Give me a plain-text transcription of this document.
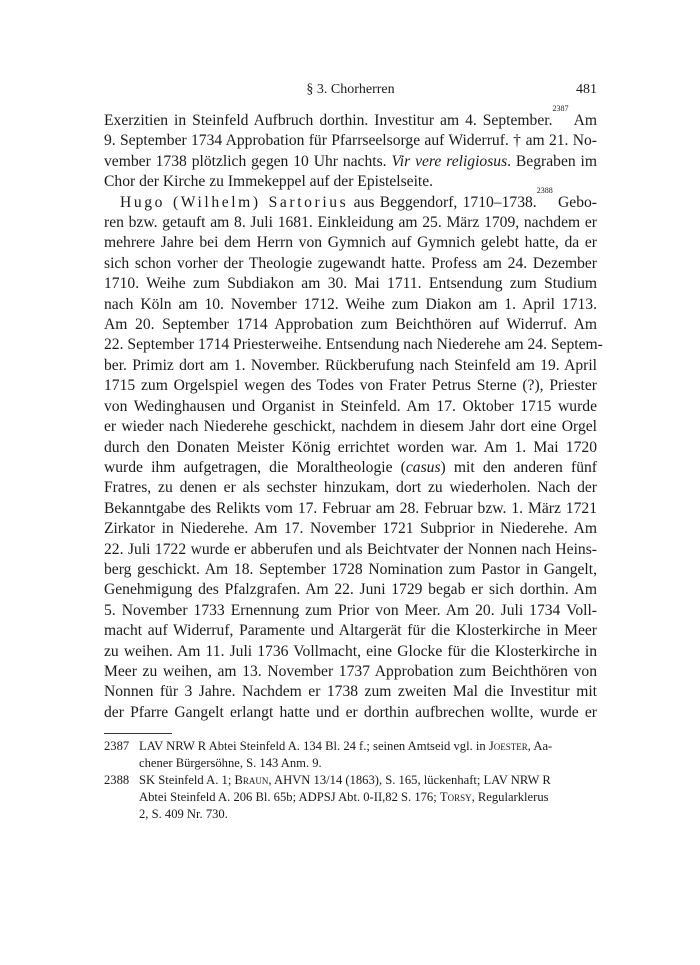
§ 3. Chorherren	481

Exerzitien in Steinfeld Aufbruch dorthin. Investitur am 4. September.$^{2387}$ Am
9. September 1734 Approbation für Pfarrseelsorge auf Widerruf. † am 21. No-
vember 1738 plötzlich gegen 10 Uhr nachts. Vir vere religiosus. Begraben im
Chor der Kirche zu Immekeppel auf der Epistelseite.

Hugo (Wilhelm) Sartorius aus Beggendorf, 1710–1738.$^{2388}$ Gebo-
ren bzw. getauft am 8. Juli 1681. Einkleidung am 25. März 1709, nachdem er
mehrere Jahre bei dem Herrn von Gymnich auf Gymnich gelebt hatte, da er
sich schon vorher der Theologie zugewandt hatte. Profess am 24. Dezember
1710. Weihe zum Subdiakon am 30. Mai 1711. Entsendung zum Studium
nach Köln am 10. November 1712. Weihe zum Diakon am 1. April 1713.
Am 20. September 1714 Approbation zum Beichthören auf Widerruf. Am
22. September 1714 Priesterweihe. Entsendung nach Niederehe am 24. Septem-
ber. Primiz dort am 1. November. Rückberufung nach Steinfeld am 19. April
1715 zum Orgelspiel wegen des Todes von Frater Petrus Sterne (?), Priester
von Wedinghausen und Organist in Steinfeld. Am 17. Oktober 1715 wurde
er wieder nach Niederehe geschickt, nachdem in diesem Jahr dort eine Orgel
durch den Donaten Meister König errichtet worden war. Am 1. Mai 1720
wurde ihm aufgetragen, die Moraltheologie (casus) mit den anderen fünf
Fratres, zu denen er als sechster hinzukam, dort zu wiederholen. Nach der
Bekanntgabe des Relikts vom 17. Februar am 28. Februar bzw. 1. März 1721
Zirkator in Niederehe. Am 17. November 1721 Subprior in Niederehe. Am
22. Juli 1722 wurde er abberufen und als Beichtvater der Nonnen nach Heins-
berg geschickt. Am 18. September 1728 Nomination zum Pastor in Gangelt,
Genehmigung des Pfalzgrafen. Am 22. Juni 1729 begab er sich dorthin. Am
5. November 1733 Ernennung zum Prior von Meer. Am 20. Juli 1734 Voll-
macht auf Widerruf, Paramente und Altargerät für die Klosterkirche in Meer
zu weihen. Am 11. Juli 1736 Vollmacht, eine Glocke für die Klosterkirche in
Meer zu weihen, am 13. November 1737 Approbation zum Beichthören von
Nonnen für 3 Jahre. Nachdem er 1738 zum zweiten Mal die Investitur mit
der Pfarre Gangelt erlangt hatte und er dorthin aufbrechen wollte, wurde er

2387 LAV NRW R Abtei Steinfeld A. 134 Bl. 24 f.; seinen Amtseid vgl. in Joester, Aa-
chener Bürgersöhne, S. 143 Anm. 9.
2388 SK Steinfeld A. 1; Braun, AHVN 13/14 (1863), S. 165, lückenhaft; LAV NRW R
Abtei Steinfeld A. 206 Bl. 65b; ADPSJ Abt. 0-II,82 S. 176; Torsy, Regularklerus
2, S. 409 Nr. 730.
